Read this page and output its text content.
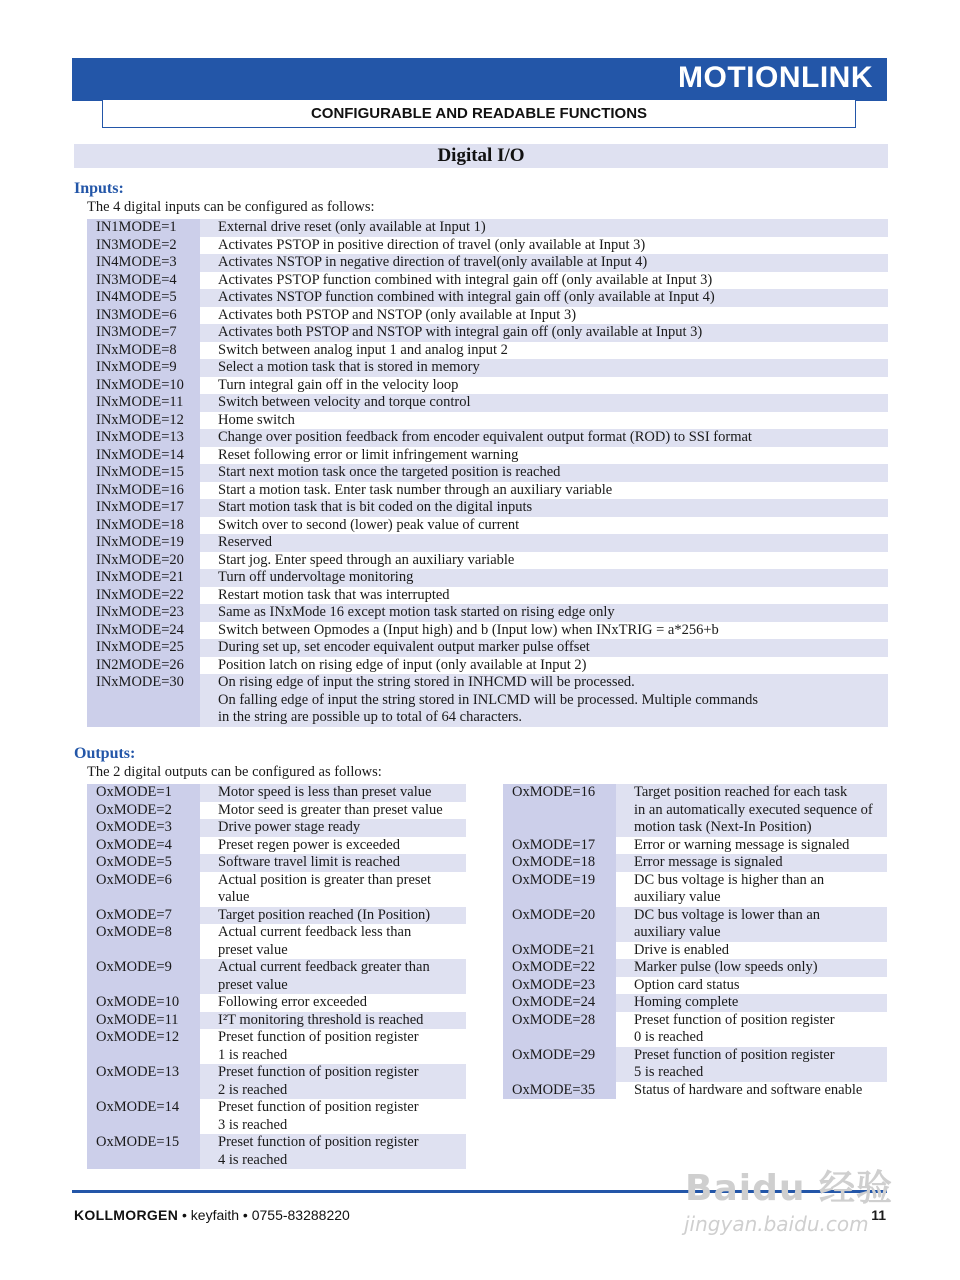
MOTIONLINK
CONFIGURABLE AND READABLE FUNCTIONS
Digital I/O
Inputs:
The 4 digital inputs can be configured as follows:
IN1MODE=1	External drive reset (only available at Input 1)
IN3MODE=2	Activates PSTOP in positive direction of travel (only available at Input 3)
IN4MODE=3	Activates NSTOP in negative direction of travel(only available at Input 4)
IN3MODE=4	Activates PSTOP function combined with integral gain off (only available at Input 3)
IN4MODE=5	Activates NSTOP function combined with integral gain off (only available at Input 4)
IN3MODE=6	Activates both PSTOP and NSTOP (only available at Input 3)
IN3MODE=7	Activates both PSTOP and NSTOP with integral gain off (only available at Input 3)
INxMODE=8	Switch between analog input 1 and analog input 2
INxMODE=9	Select a motion task that is stored in memory
INxMODE=10	Turn integral gain off in the velocity loop
INxMODE=11	Switch between velocity and torque control
INxMODE=12	Home switch
INxMODE=13	Change over position feedback from encoder equivalent output format (ROD) to SSI format
INxMODE=14	Reset following error or limit infringement warning
INxMODE=15	Start next motion task once the targeted position is reached
INxMODE=16	Start a motion task. Enter task number through an auxiliary variable
INxMODE=17	Start motion task that is bit coded on the digital inputs
INxMODE=18	Switch over to second (lower) peak value of current
INxMODE=19	Reserved
INxMODE=20	Start jog. Enter speed through an auxiliary variable
INxMODE=21	Turn off undervoltage monitoring
INxMODE=22	Restart motion task that was interrupted
INxMODE=23	Same as INxMode 16 except motion task started on rising edge only
INxMODE=24	Switch between Opmodes a (Input high) and b (Input low) when INxTRIG = a*256+b
INxMODE=25	During set up, set encoder equivalent output marker pulse offset
IN2MODE=26	Position latch on rising edge of input (only available at Input 2)
INxMODE=30	On rising edge of input the string stored in INHCMD will be processed.
On falling edge of input the string stored in INLCMD will be processed. Multiple commands
in the string are possible up to total of 64 characters.
Outputs:
The 2 digital outputs can be configured as follows:
OxMODE=1	Motor speed is less than preset value
OxMODE=2	Motor seed is greater than preset value
OxMODE=3	Drive power stage ready
OxMODE=4	Preset regen power is exceeded
OxMODE=5	Software travel limit is reached
OxMODE=6	Actual position is greater than preset value
OxMODE=7	Target position reached (In Position)
OxMODE=8	Actual current feedback less than
preset value
OxMODE=9	Actual current feedback greater than
preset value
OxMODE=10	Following error exceeded
OxMODE=11	I²T monitoring threshold is reached
OxMODE=12	Preset function of position register
1 is reached
OxMODE=13	Preset function of position register
2 is reached
OxMODE=14	Preset function of position register
3 is reached
OxMODE=15	Preset function of position register
4 is reached
OxMODE=16	Target position reached for each task
in an automatically executed sequence of
motion task (Next-In Position)
OxMODE=17	Error or warning message is signaled
OxMODE=18	Error message is signaled
OxMODE=19	DC bus voltage is higher than an
auxiliary value
OxMODE=20	DC bus voltage is lower than an
auxiliary value
OxMODE=21	Drive is enabled
OxMODE=22	Marker pulse (low speeds only)
OxMODE=23	Option card status
OxMODE=24	Homing complete
OxMODE=28	Preset function of position register
0 is reached
OxMODE=29	Preset function of position register
5 is reached
OxMODE=35	Status of hardware and software enable
KOLLMORGEN • keyfaith • 0755-83288220	11
Baidu 经验
jingyan.baidu.com
